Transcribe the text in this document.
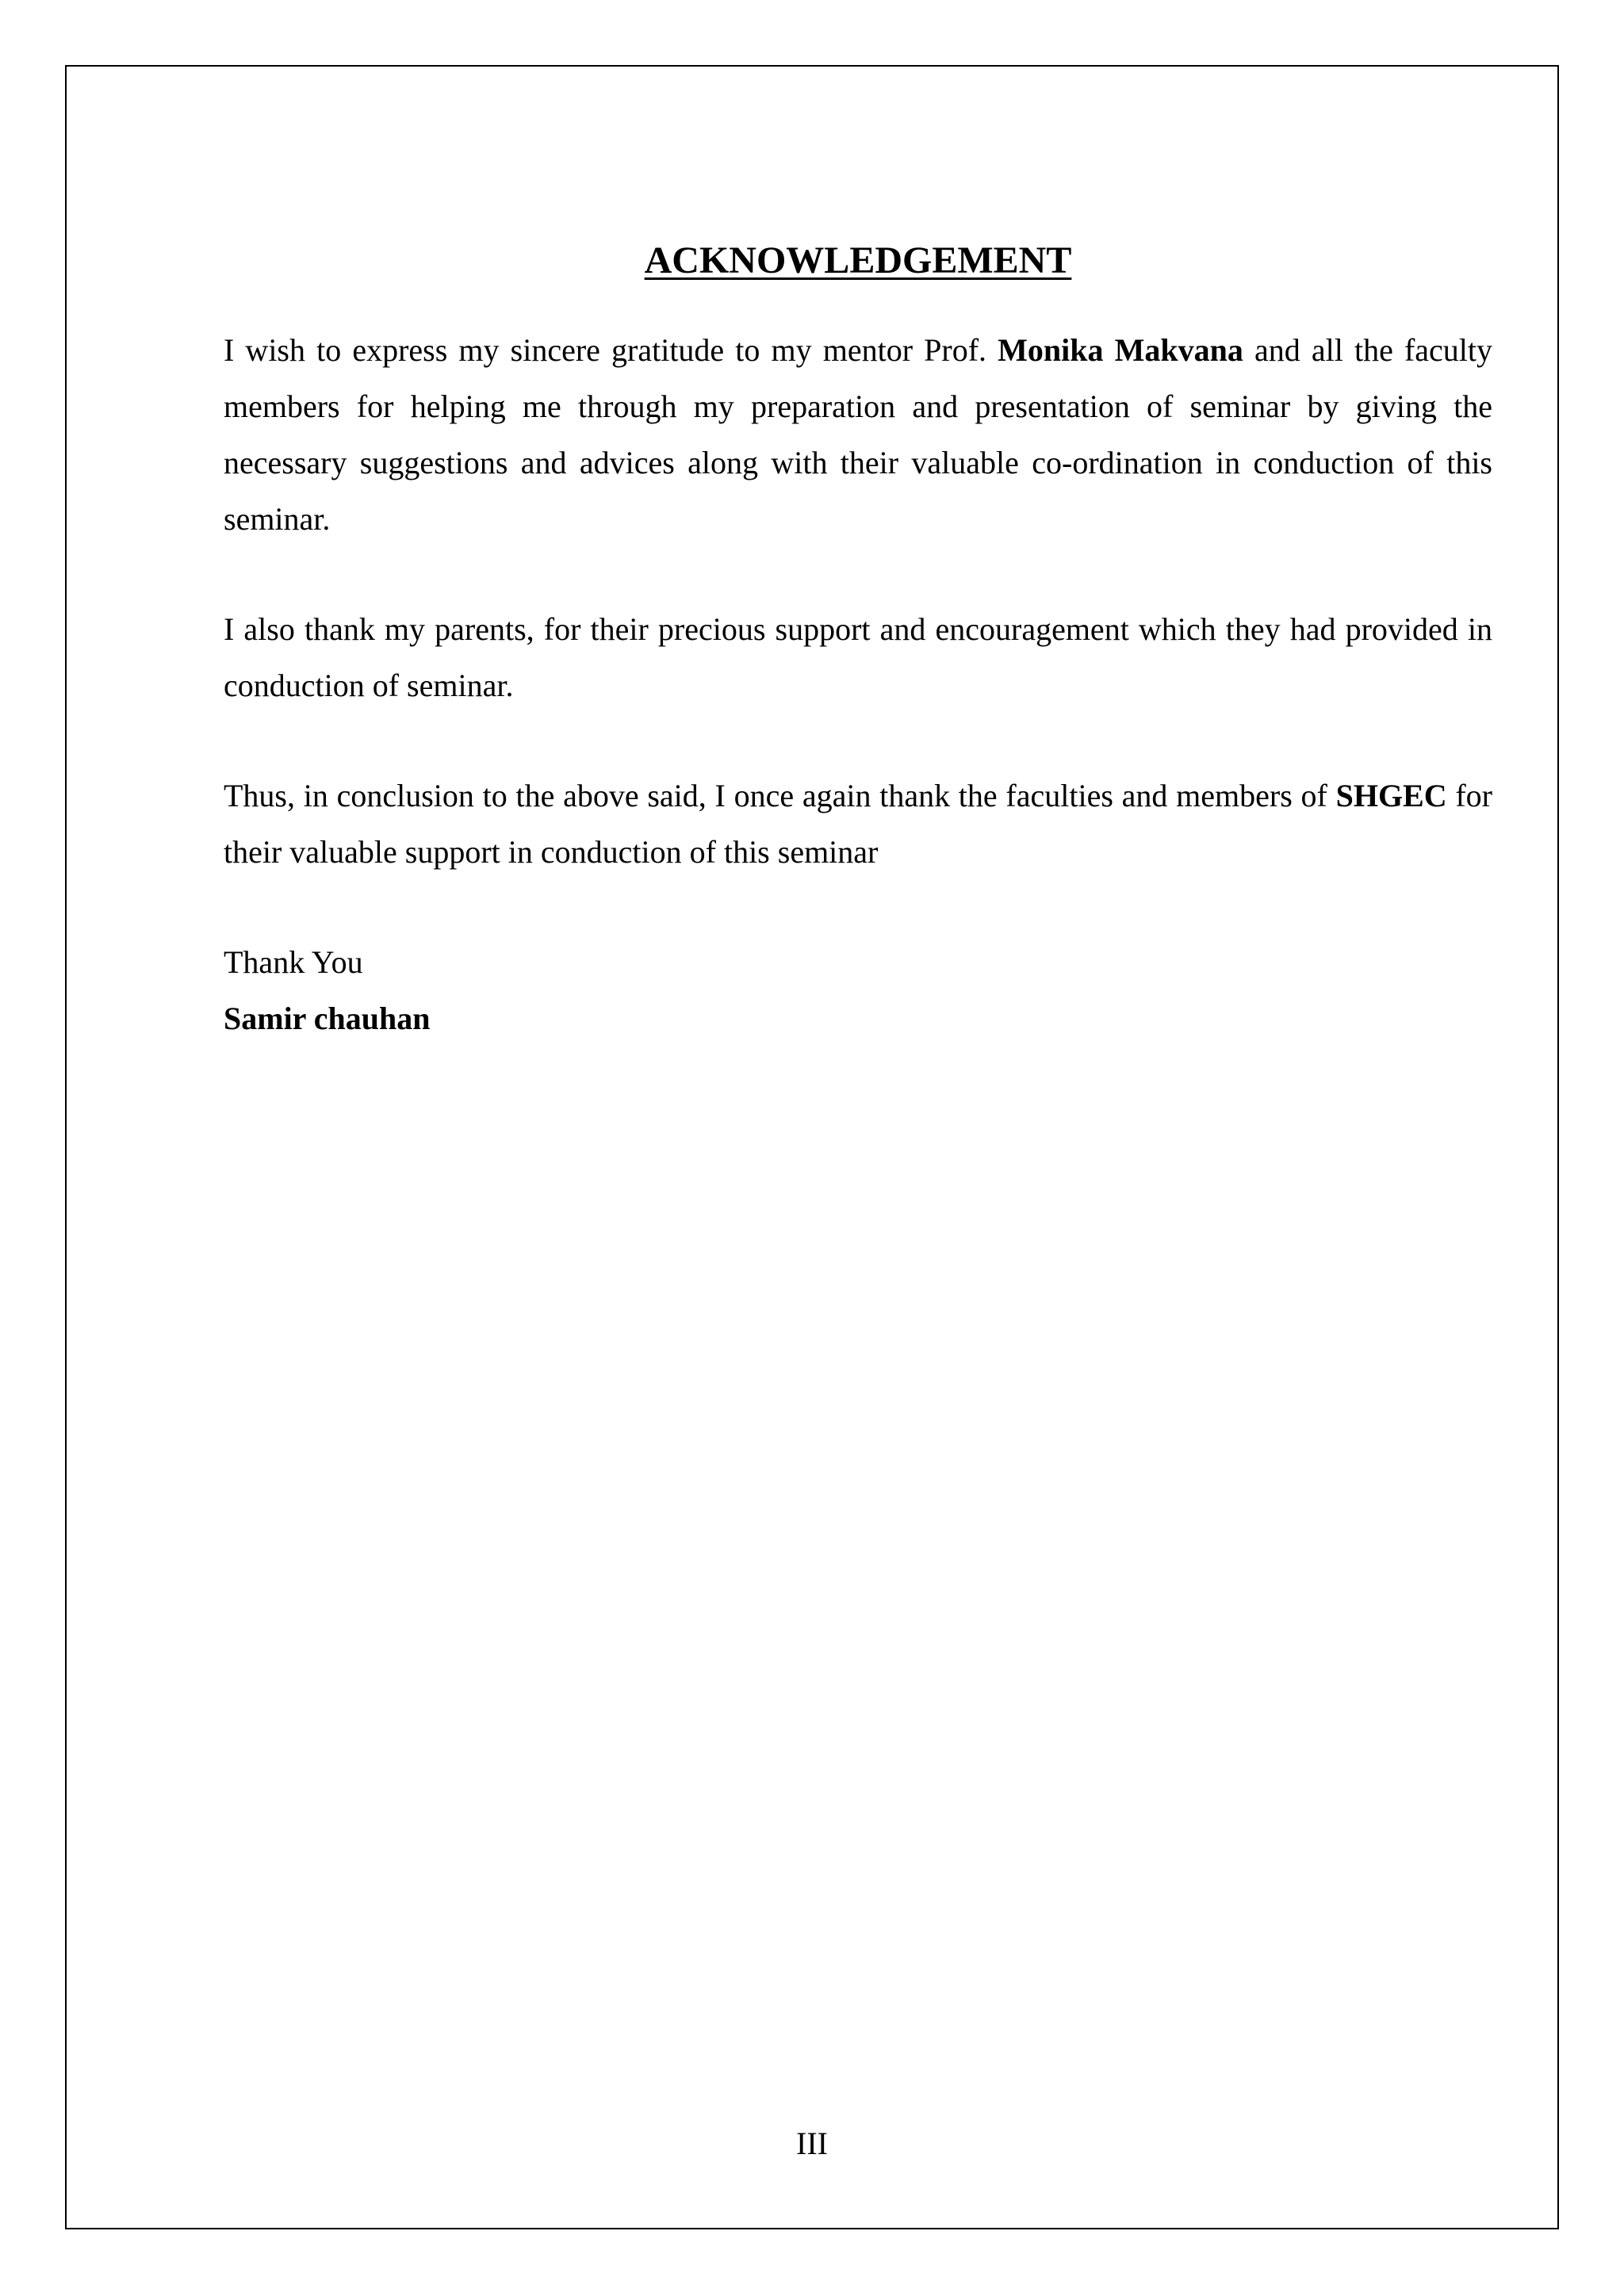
ACKNOWLEDGEMENT

I wish to express my sincere gratitude to my mentor Prof. Monika Makvana and all the faculty members for helping me through my preparation and presentation of seminar by giving the necessary suggestions and advices along with their valuable co-ordination in conduction of this seminar.

I also thank my parents, for their precious support and encouragement which they had provided in conduction of seminar.

Thus, in conclusion to the above said, I once again thank the faculties and members of SHGEC for their valuable support in conduction of this seminar

Thank You

Samir chauhan

III
